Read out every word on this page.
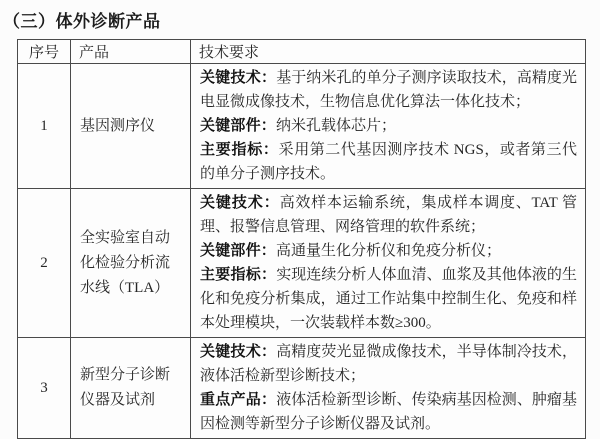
（三）体外诊断产品
序号	产品	技术要求
1	基因测序仪	关键技术：基于纳米孔的单分子测序读取技术，高精度光电显微成像技术，生物信息优化算法一体化技术；

关键部件：纳米孔载体芯片；

主要指标：采用第二代基因测序技术 NGS，或者第三代的单分子测序技术。

2	全实验室自动化检验分析流水线（TLA）	关键技术：高效样本运输系统，集成样本调度、TAT 管理、报警信息管理、网络管理的软件系统；

关键部件：高通量生化分析仪和免疫分析仪；

主要指标：实现连续分析人体血清、血浆及其他体液的生化和免疫分析集成，通过工作站集中控制生化、免疫和样本处理模块，一次装载样本数≥300。

3	新型分子诊断仪器及试剂	关键技术：高精度荧光显微成像技术，半导体制冷技术，液体活检新型诊断技术；

重点产品：液体活检新型诊断、传染病基因检测、肿瘤基因检测等新型分子诊断仪器及试剂。
